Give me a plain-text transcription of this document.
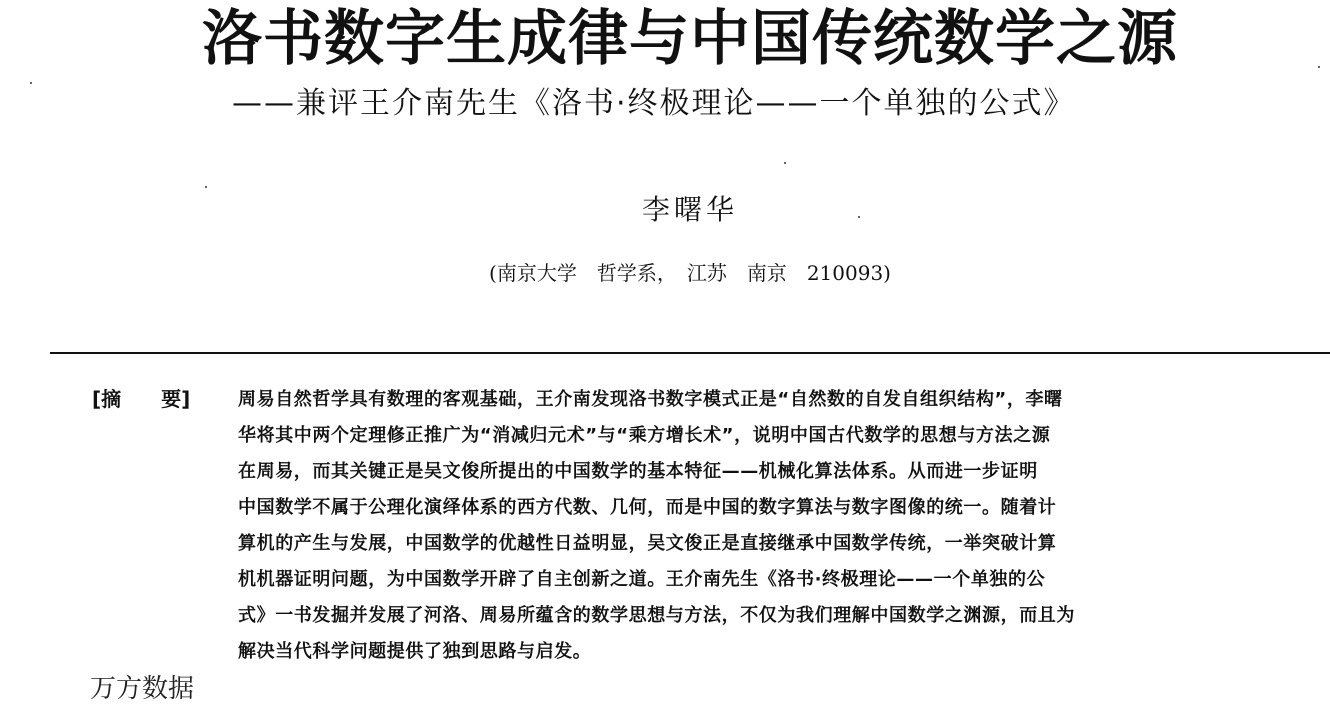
洛书数字生成律与中国传统数学之源
——兼评王介南先生《洛书·终极理论——一个单独的公式》
李曙华
(南京大学　哲学系，　江苏　南京　210093)
[摘　　要]	周易自然哲学具有数理的客观基础，王介南发现洛书数字模式正是“自然数的自发自组织结构”，李曙
华将其中两个定理修正推广为“消减归元术”与“乘方增长术”，说明中国古代数学的思想与方法之源
在周易，而其关键正是吴文俊所提出的中国数学的基本特征——机械化算法体系。从而进一步证明
中国数学不属于公理化演绎体系的西方代数、几何，而是中国的数字算法与数字图像的统一。随着计
算机的产生与发展，中国数学的优越性日益明显，吴文俊正是直接继承中国数学传统，一举突破计算
机机器证明问题，为中国数学开辟了自主创新之道。王介南先生《洛书·终极理论——一个单独的公
式》一书发掘并发展了河洛、周易所蕴含的数学思想与方法，不仅为我们理解中国数学之渊源，而且为
解决当代科学问题提供了独到思路与启发。
万方数据
